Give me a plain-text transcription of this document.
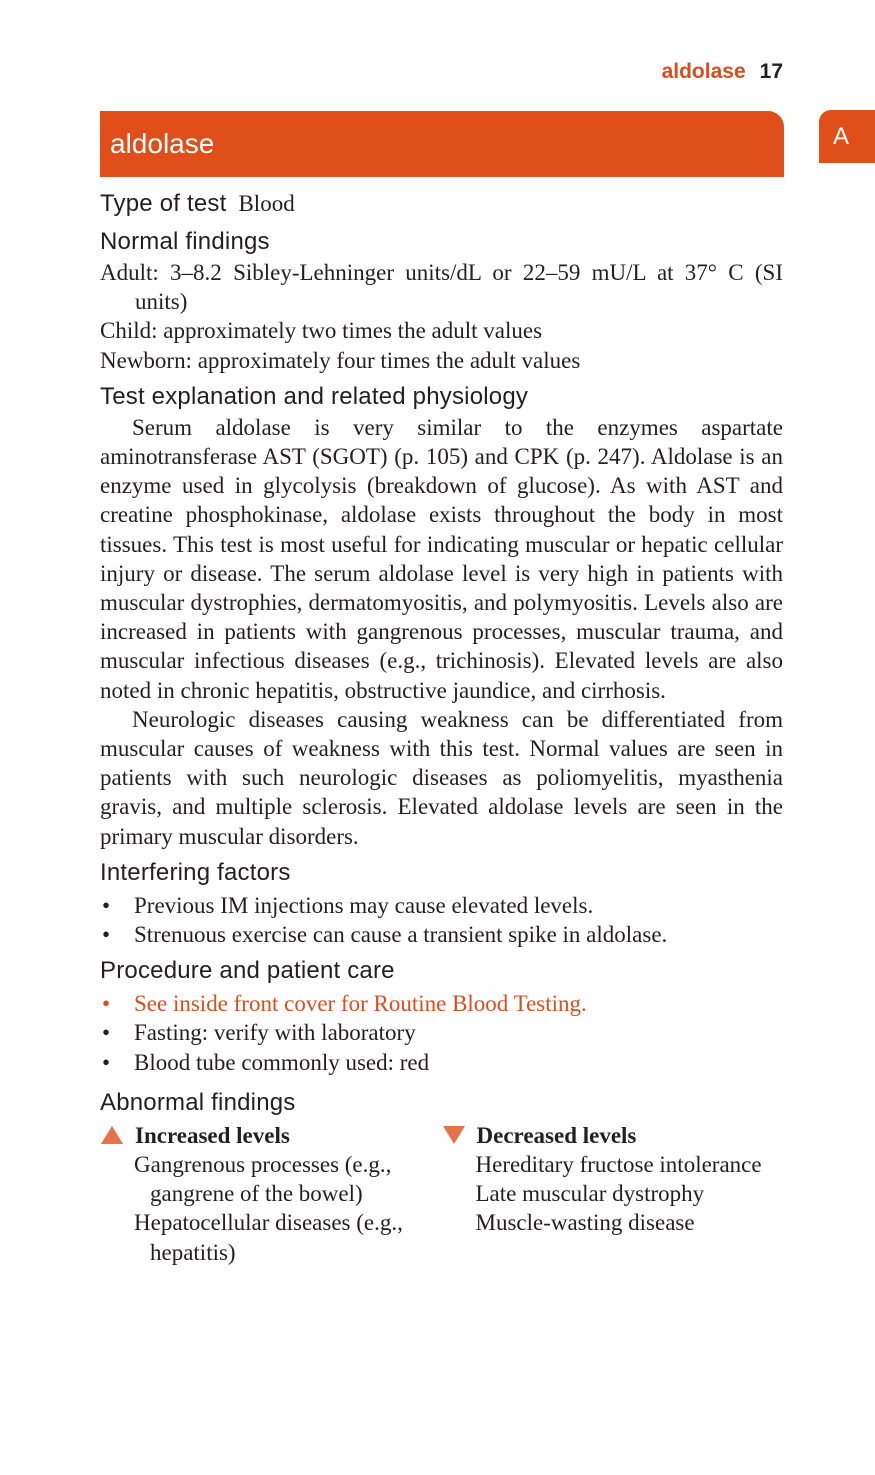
aldolase 17
A
aldolase
Type of test Blood
Normal findings
Adult: 3–8.2 Sibley-Lehninger units/dL or 22–59 mU/L at 37° C (SI units)
Child: approximately two times the adult values
Newborn: approximately four times the adult values
Test explanation and related physiology

Serum aldolase is very similar to the enzymes aspartate aminotransferase AST (SGOT) (p. 105) and CPK (p. 247). Aldolase is an enzyme used in glycolysis (breakdown of glucose). As with AST and creatine phosphokinase, aldolase exists throughout the body in most tissues. This test is most useful for indicating muscular or hepatic cellular injury or disease. The serum aldolase level is very high in patients with muscular dystrophies, dermatomyositis, and polymyositis. Levels also are increased in patients with gangrenous processes, muscular trauma, and muscular infectious diseases (e.g., trichinosis). Elevated levels are also noted in chronic hepatitis, obstructive jaundice, and cirrhosis.

Neurologic diseases causing weakness can be differentiated from muscular causes of weakness with this test. Normal values are seen in patients with such neurologic diseases as poliomyelitis, myasthenia gravis, and multiple sclerosis. Elevated aldolase levels are seen in the primary muscular disorders.

Interfering factors
• Previous IM injections may cause elevated levels.
• Strenuous exercise can cause a transient spike in aldolase.
Procedure and patient care
• See inside front cover for Routine Blood Testing.
• Fasting: verify with laboratory
• Blood tube commonly used: red
Abnormal findings
Increased levels
Gangrenous processes (e.g., gangrene of the bowel)
Hepatocellular diseases (e.g., hepatitis)
Decreased levels
Hereditary fructose intolerance
Late muscular dystrophy
Muscle-wasting disease
